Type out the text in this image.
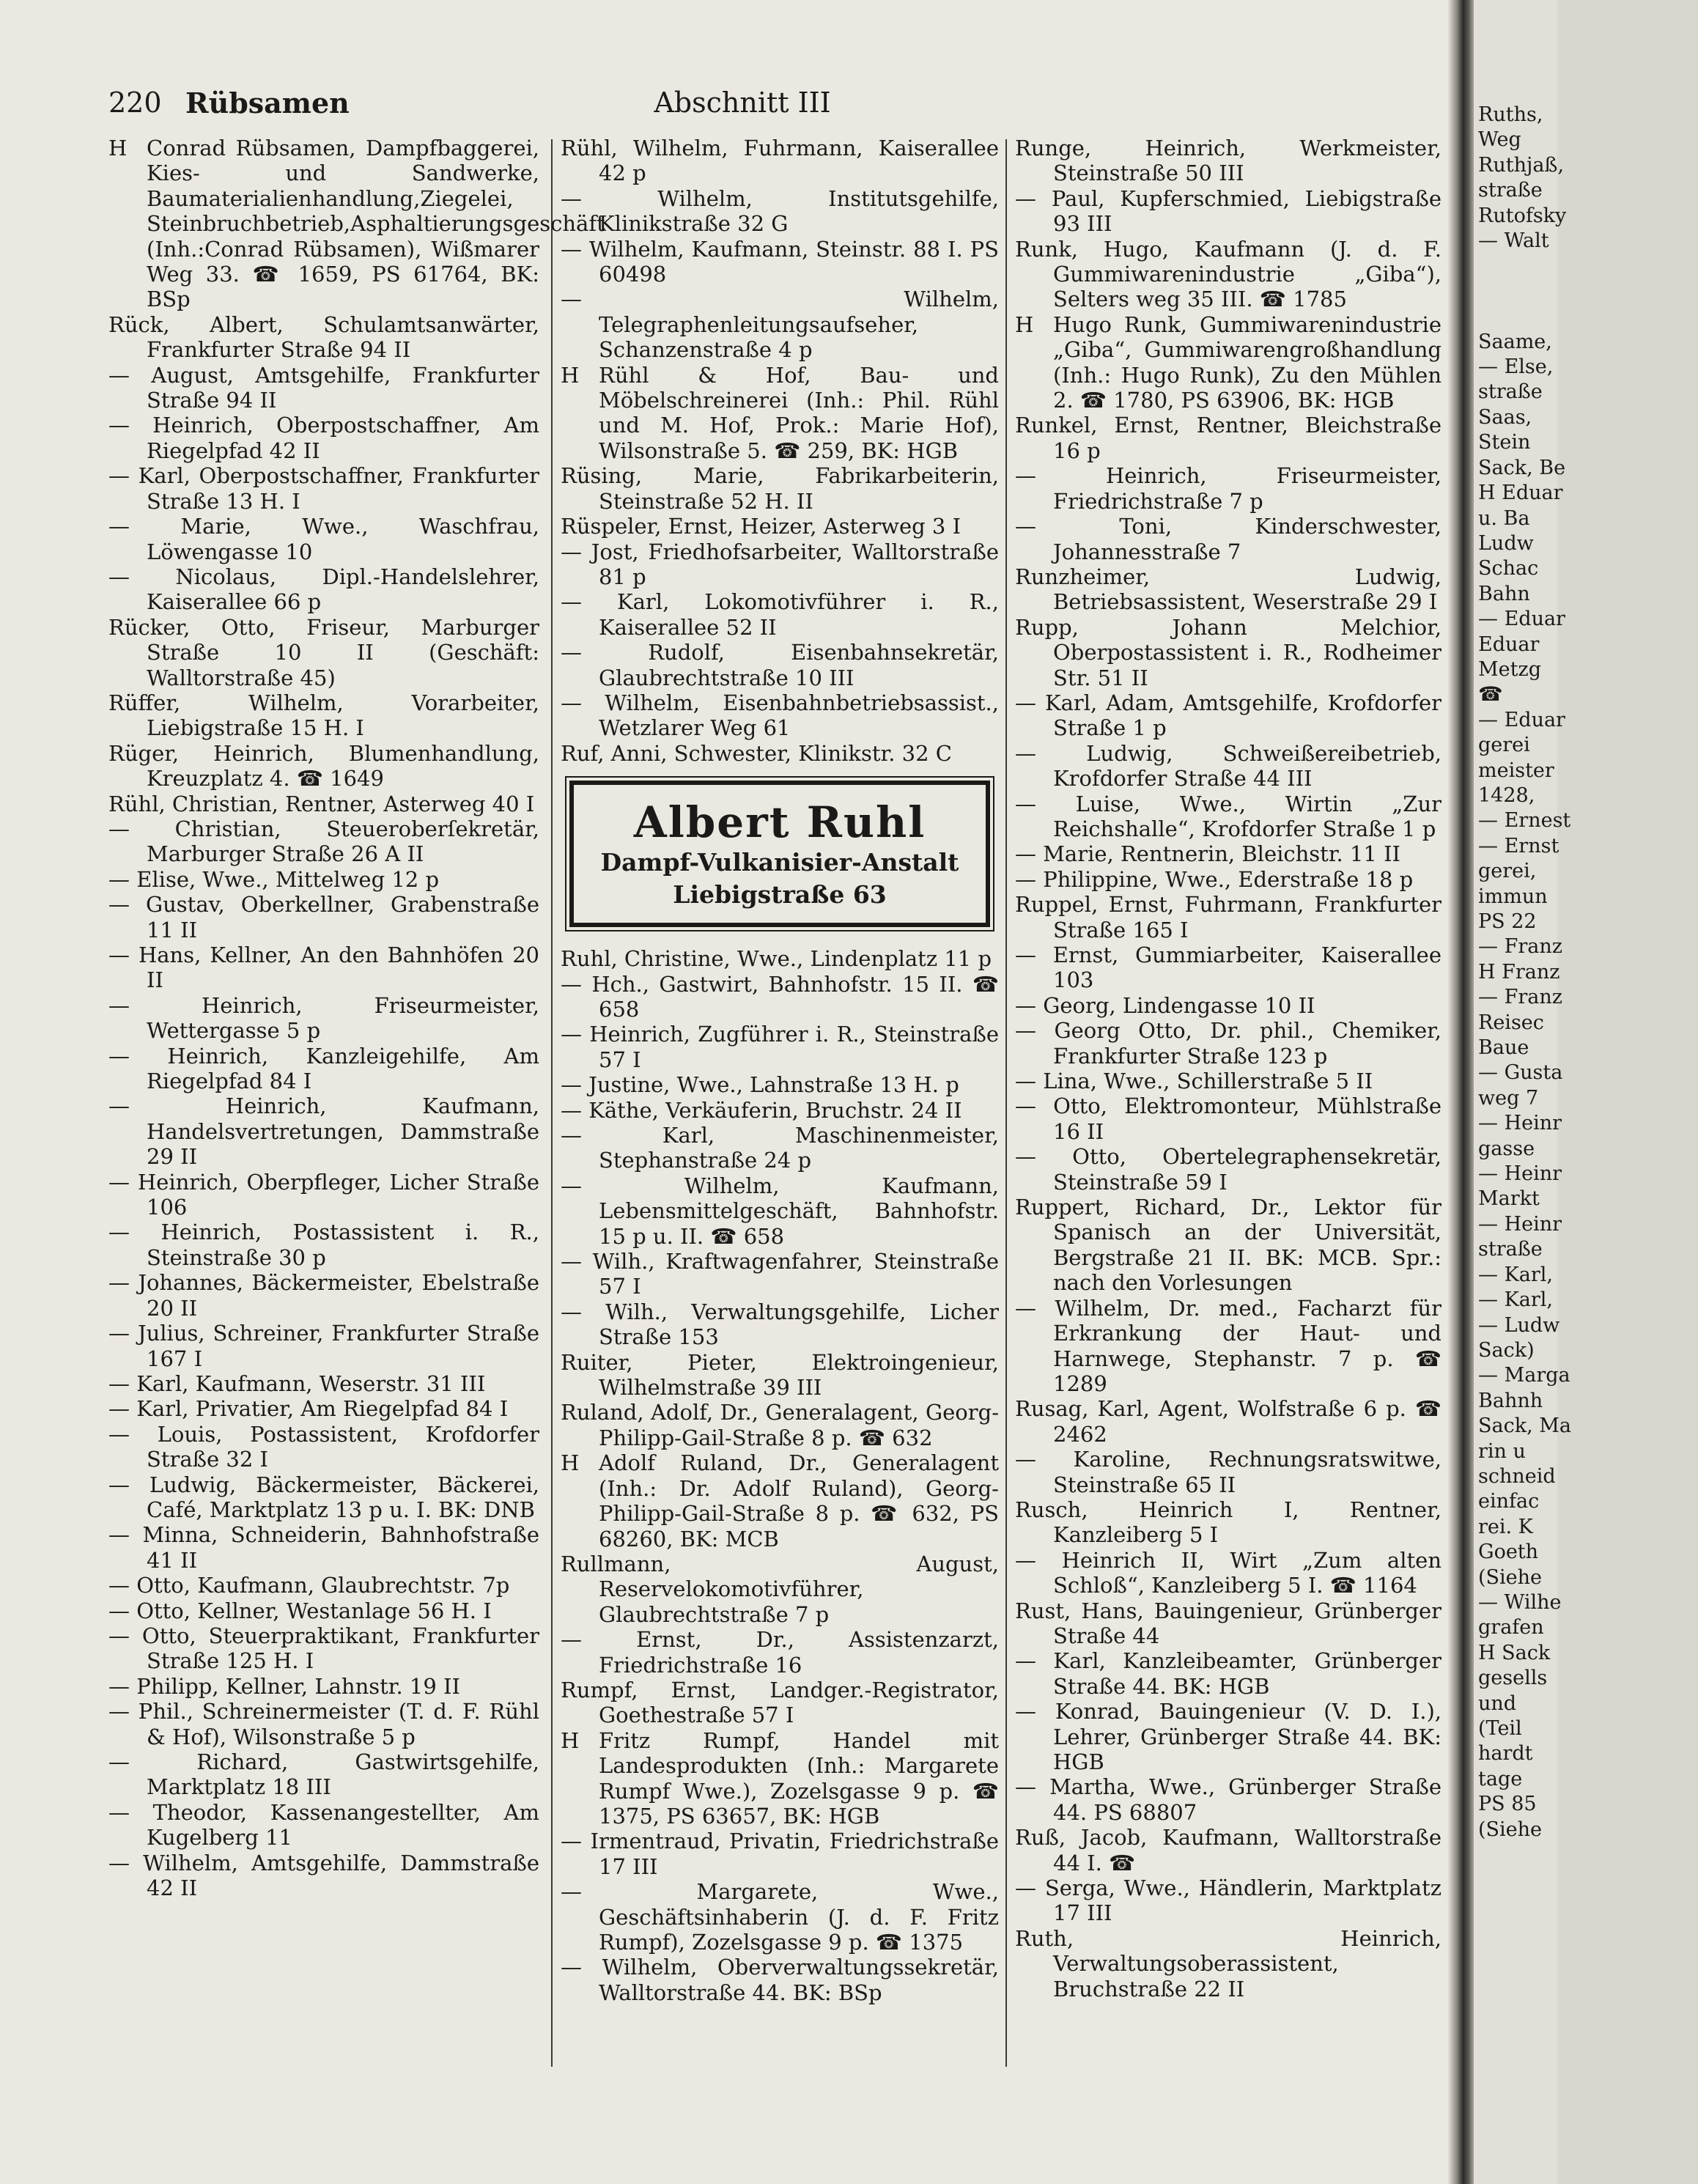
220 Rübsamen	Abschnitt III

H Conrad Rübsamen, Dampfbaggerei, Kies- und Sandwerke, Baumaterialienhandlung,Ziegelei, Steinbruchbetrieb,Asphaltierungsgeschäft (Inh.:Conrad Rübsamen), Wißmarer Weg 33. ☎ 1659, PS 61764, BK: BSp

Rück, Albert, Schulamtsanwärter, Frankfurter Straße 94 II

— August, Amtsgehilfe, Frankfurter Straße 94 II

— Heinrich, Oberpostschaffner, Am Riegelpfad 42 II

— Karl, Oberpostschaffner, Frankfurter Straße 13 H. I

— Marie, Wwe., Waschfrau, Löwengasse 10

— Nicolaus, Dipl.-Handelslehrer, Kaiserallee 66 p

Rücker, Otto, Friseur, Marburger Straße 10 II (Geschäft: Walltorstraße 45)

Rüffer, Wilhelm, Vorarbeiter, Liebigstraße 15 H. I

Rüger, Heinrich, Blumenhandlung, Kreuzplatz 4. ☎ 1649

Rühl, Christian, Rentner, Asterweg 40 I

— Christian, Steueroberſekretär, Marburger Straße 26 A II

— Elise, Wwe., Mittelweg 12 p

— Gustav, Oberkellner, Grabenstraße 11 II

— Hans, Kellner, An den Bahnhöfen 20 II

— Heinrich, Friseurmeister, Wettergasse 5 p

— Heinrich, Kanzleigehilfe, Am Riegelpfad 84 I

— Heinrich, Kaufmann, Handelsvertretungen, Dammstraße 29 II

— Heinrich, Oberpfleger, Licher Straße 106

— Heinrich, Postassistent i. R., Steinstraße 30 p

— Johannes, Bäckermeister, Ebelstraße 20 II

— Julius, Schreiner, Frankfurter Straße 167 I

— Karl, Kaufmann, Weserstr. 31 III

— Karl, Privatier, Am Riegelpfad 84 I

— Louis, Postassistent, Krofdorfer Straße 32 I

— Ludwig, Bäckermeister, Bäckerei, Café, Marktplatz 13 p u. I. BK: DNB

— Minna, Schneiderin, Bahnhofstraße 41 II

— Otto, Kaufmann, Glaubrechtstr. 7p

— Otto, Kellner, Westanlage 56 H. I

— Otto, Steuerpraktikant, Frankfurter Straße 125 H. I

— Philipp, Kellner, Lahnstr. 19 II

— Phil., Schreinermeister (T. d. F. Rühl & Hof), Wilsonstraße 5 p

— Richard, Gastwirtsgehilfe, Marktplatz 18 III

— Theodor, Kassenangestellter, Am Kugelberg 11

— Wilhelm, Amtsgehilfe, Dammstraße 42 II

Rühl, Wilhelm, Fuhrmann, Kaiserallee 42 p

— Wilhelm, Institutsgehilfe, Klinikstraße 32 G

— Wilhelm, Kaufmann, Steinstr. 88 I. PS 60498

— Wilhelm, Telegraphenleitungsaufseher, Schanzenstraße 4 p

H Rühl & Hof, Bau- und Möbelschreinerei (Inh.: Phil. Rühl und M. Hof, Prok.: Marie Hof), Wilsonstraße 5. ☎ 259, BK: HGB

Rüsing, Marie, Fabrikarbeiterin, Steinstraße 52 H. II

Rüspeler, Ernst, Heizer, Asterweg 3 I

— Jost, Friedhofsarbeiter, Walltorstraße 81 p

— Karl, Lokomotivführer i. R., Kaiserallee 52 II

— Rudolf, Eisenbahnsekretär, Glaubrechtstraße 10 III

— Wilhelm, Eisenbahnbetriebsassist., Wetzlarer Weg 61

Ruf, Anni, Schwester, Klinikstr. 32 C

Albert Ruhl
Dampf-Vulkanisier-Anstalt
Liebigstraße 63

Ruhl, Christine, Wwe., Lindenplatz 11 p

— Hch., Gastwirt, Bahnhofstr. 15 II. ☎ 658

— Heinrich, Zugführer i. R., Steinstraße 57 I

— Justine, Wwe., Lahnstraße 13 H. p

— Käthe, Verkäuferin, Bruchstr. 24 II

— Karl, Maschinenmeister, Stephanstraße 24 p

— Wilhelm, Kaufmann, Lebensmittelgeschäft, Bahnhofstr. 15 p u. II. ☎ 658

— Wilh., Kraftwagenfahrer, Steinstraße 57 I

— Wilh., Verwaltungsgehilfe, Licher Straße 153

Ruiter, Pieter, Elektroingenieur, Wilhelmstraße 39 III

Ruland, Adolf, Dr., Generalagent, Georg-Philipp-Gail-Straße 8 p. ☎ 632

H Adolf Ruland, Dr., Generalagent (Inh.: Dr. Adolf Ruland), Georg-Philipp-Gail-Straße 8 p. ☎ 632, PS 68260, BK: MCB

Rullmann, August, Reservelokomotivführer, Glaubrechtstraße 7 p

— Ernst, Dr., Assistenzarzt, Friedrichstraße 16

Rumpf, Ernst, Landger.-Registrator, Goethestraße 57 I

H Fritz Rumpf, Handel mit Landesprodukten (Inh.: Margarete Rumpf Wwe.), Zozelsgasse 9 p. ☎ 1375, PS 63657, BK: HGB

— Irmentraud, Privatin, Friedrichstraße 17 III

— Margarete, Wwe., Geschäftsinhaberin (J. d. F. Fritz Rumpf), Zozelsgasse 9 p. ☎ 1375

— Wilhelm, Oberverwaltungssekretär, Walltorstraße 44. BK: BSp

Runge, Heinrich, Werkmeister, Steinstraße 50 III

— Paul, Kupferschmied, Liebigstraße 93 III

Runk, Hugo, Kaufmann (J. d. F. Gummiwarenindustrie „Giba“), Selters weg 35 III. ☎ 1785

H Hugo Runk, Gummiwarenindustrie „Giba“, Gummiwarengroßhandlung (Inh.: Hugo Runk), Zu den Mühlen 2. ☎ 1780, PS 63906, BK: HGB

Runkel, Ernst, Rentner, Bleichstraße 16 p

— Heinrich, Friseurmeister, Friedrichstraße 7 p

— Toni, Kinderschwester, Johannesstraße 7

Runzheimer, Ludwig, Betriebsassistent, Weserstraße 29 I

Rupp, Johann Melchior, Oberpostassistent i. R., Rodheimer Str. 51 II

— Karl, Adam, Amtsgehilfe, Krofdorfer Straße 1 p

— Ludwig, Schweißereibetrieb, Krofdorfer Straße 44 III

— Luise, Wwe., Wirtin „Zur Reichshalle“, Krofdorfer Straße 1 p

— Marie, Rentnerin, Bleichstr. 11 II

— Philippine, Wwe., Ederstraße 18 p

Ruppel, Ernst, Fuhrmann, Frankfurter Straße 165 I

— Ernst, Gummiarbeiter, Kaiserallee 103

— Georg, Lindengasse 10 II

— Georg Otto, Dr. phil., Chemiker, Frankfurter Straße 123 p

— Lina, Wwe., Schillerstraße 5 II

— Otto, Elektromonteur, Mühlstraße 16 II

— Otto, Obertelegraphensekretär, Steinstraße 59 I

Ruppert, Richard, Dr., Lektor für Spanisch an der Universität, Bergstraße 21 II. BK: MCB. Spr.: nach den Vorlesungen

— Wilhelm, Dr. med., Facharzt für Erkrankung der Haut- und Harnwege, Stephanstr. 7 p. ☎ 1289

Rusag, Karl, Agent, Wolfstraße 6 p. ☎ 2462

— Karoline, Rechnungsratswitwe, Steinstraße 65 II

Rusch, Heinrich I, Rentner, Kanzleiberg 5 I

— Heinrich II, Wirt „Zum alten Schloß“, Kanzleiberg 5 I. ☎ 1164

Rust, Hans, Bauingenieur, Grünberger Straße 44

— Karl, Kanzleibeamter, Grünberger Straße 44. BK: HGB

— Konrad, Bauingenieur (V. D. I.), Lehrer, Grünberger Straße 44. BK: HGB

— Martha, Wwe., Grünberger Straße 44. PS 68807

Ruß, Jacob, Kaufmann, Walltorstraße 44 I. ☎

— Serga, Wwe., Händlerin, Marktplatz 17 III

Ruth, Heinrich, Verwaltungsoberassistent, Bruchstraße 22 II

Ruths,

Weg

Ruthjaß,

straße

Rutofsky

— Walt

Saame,

— Else,

straße

Saas,

Stein

Sack, Be

H Eduar

u. Ba

Ludw

Schac

Bahn

— Eduar

Eduar

Metzg

☎

— Eduar

gerei

meister

1428,

— Ernest

— Ernst

gerei,

immun

PS 22

— Franz

H Franz

— Franz

Reisec

Baue

— Gusta

weg 7

— Heinr

gasse

— Heinr

Markt

— Heinr

straße

— Karl,

— Karl,

— Ludw

Sack)

— Marga

Bahnh

Sack, Ma

rin u

schneid

einfac

rei. K

Goeth

(Siehe

— Wilhe

grafen

H Sack

gesells

und

(Teil

hardt

tage

PS 85

(Siehe
